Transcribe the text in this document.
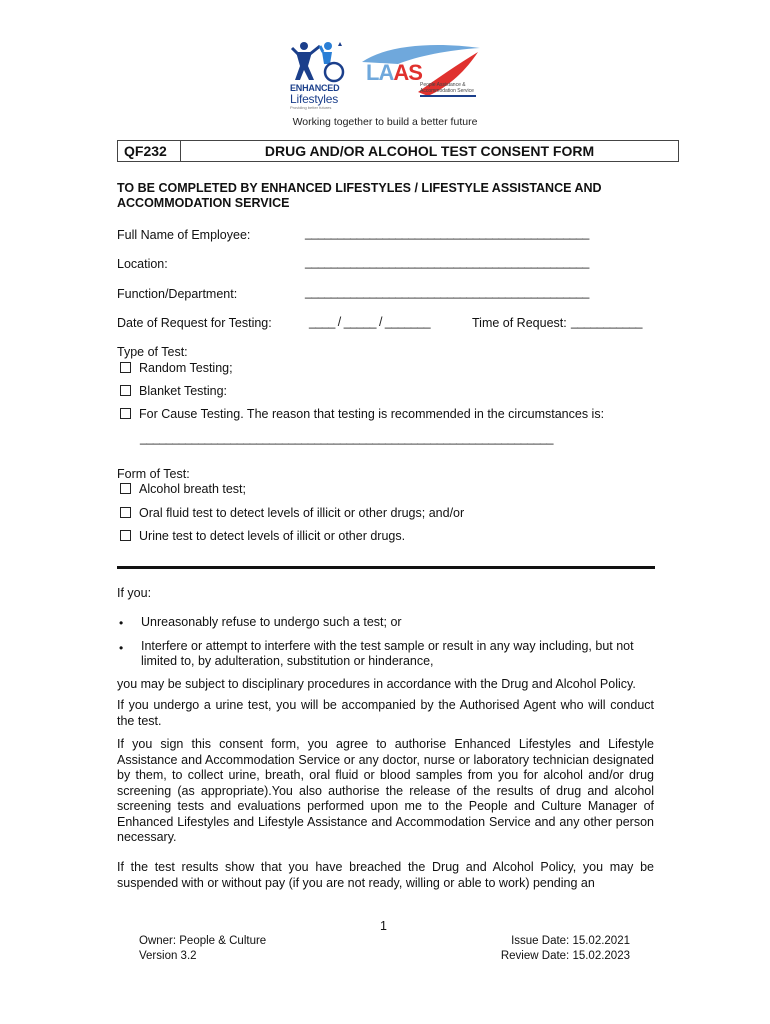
ENHANCED
Lifestyles
Providing better futures
LAAS
People Assistance & Accommodation Service
Working together to build a better future
QF232	DRUG AND/OR ALCOHOL TEST CONSENT FORM
TO BE COMPLETED BY ENHANCED LIFESTYLES / LIFESTYLE ASSISTANCE AND ACCOMMODATION SERVICE
Full Name of Employee:	____________________________________________
Location:	____________________________________________
Function/Department:	____________________________________________
Date of Request for Testing:	____ / _____ / _______	Time of Request: ___________
Type of Test:
Random Testing;
Blanket Testing:
For Cause Testing. The reason that testing is recommended in the circumstances is:
________________________________________________________________
Form of Test:
Alcohol breath test;
Oral fluid test to detect levels of illicit or other drugs; and/or
Urine test to detect levels of illicit or other drugs.
If you:
• Unreasonably refuse to undergo such a test; or
• Interfere or attempt to interfere with the test sample or result in any way including, but not limited to, by adulteration, substitution or hinderance,
you may be subject to disciplinary procedures in accordance with the Drug and Alcohol Policy.
If you undergo a urine test, you will be accompanied by the Authorised Agent who will conduct the test.
If you sign this consent form, you agree to authorise Enhanced Lifestyles and Lifestyle Assistance and Accommodation Service or any doctor, nurse or laboratory technician designated by them, to collect urine, breath, oral fluid or blood samples from you for alcohol and/or drug screening (as appropriate).You also authorise the release of the results of drug and alcohol screening tests and evaluations performed upon me to the People and Culture Manager of Enhanced Lifestyles and Lifestyle Assistance and Accommodation Service and any other person necessary.
If the test results show that you have breached the Drug and Alcohol Policy, you may be suspended with or without pay (if you are not ready, willing or able to work) pending an
1
Owner: People & Culture
Version 3.2
Issue Date: 15.02.2021
Review Date: 15.02.2023
